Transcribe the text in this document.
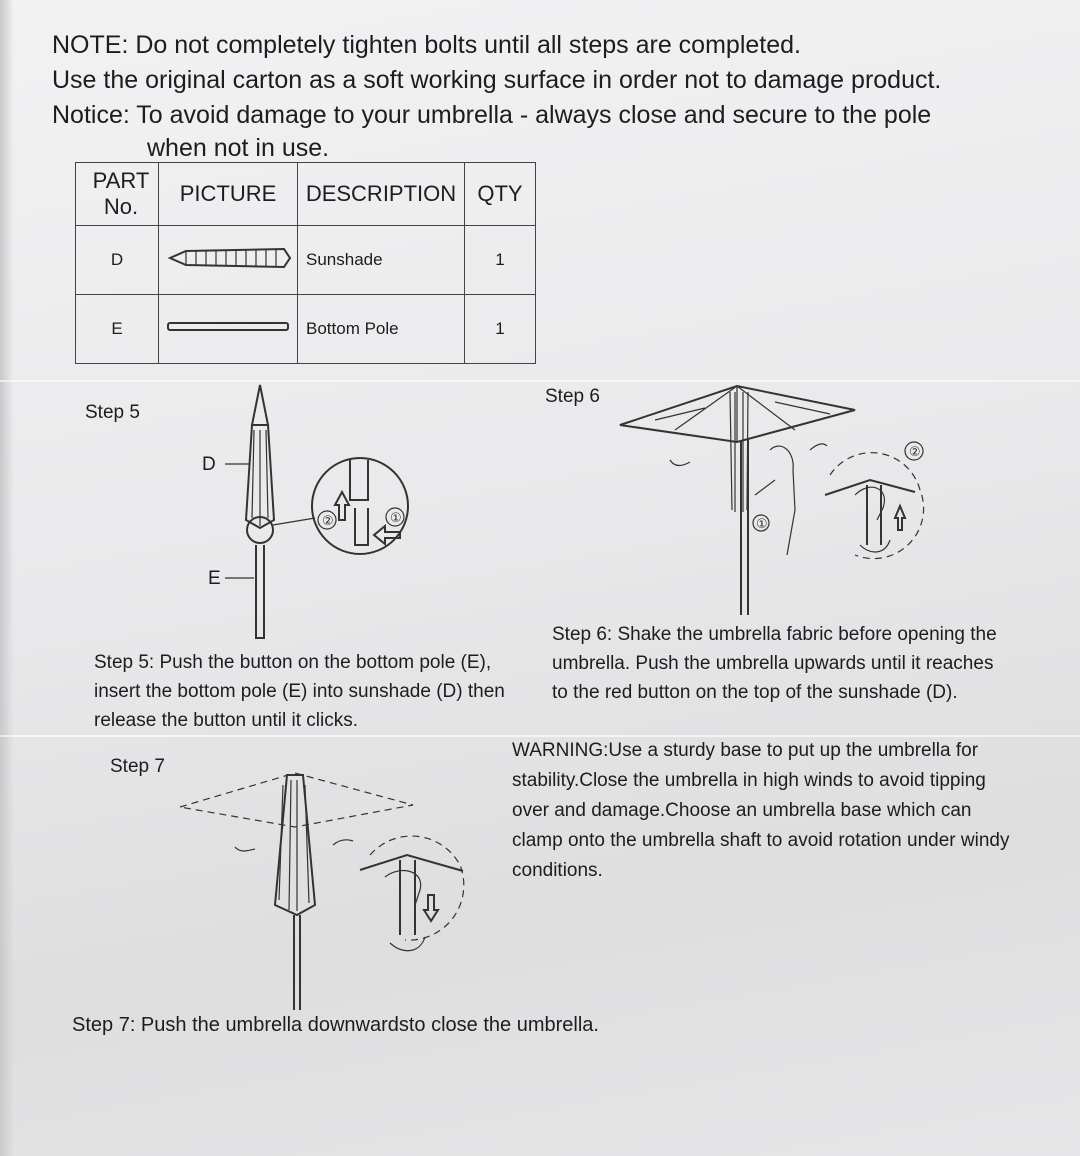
NOTE: Do not completely tighten bolts until all steps are completed.
Use the original carton as a soft working surface in order not to damage product.
Notice: To avoid damage to your umbrella - always close and secure to the pole
when not in use.
PART No.	PICTURE	DESCRIPTION	QTY
D		Sunshade	1
E		Bottom Pole	1
Step 5
②	①
D
E
Step 5: Push the button on the bottom pole (E),
insert the bottom pole (E) into sunshade (D) then
release the button until it clicks.
Step 6
①
②
Step 6: Shake the umbrella fabric before opening the
umbrella. Push the umbrella upwards until it reaches
to the red button on the top of the sunshade (D).
WARNING:Use a sturdy base to put up the umbrella for
stability.Close the umbrella in high winds to avoid tipping
over and damage.Choose an umbrella base which can
clamp onto the umbrella shaft to avoid rotation under windy
conditions.
Step 7
Step 7: Push the umbrella downwardsto close the umbrella.
